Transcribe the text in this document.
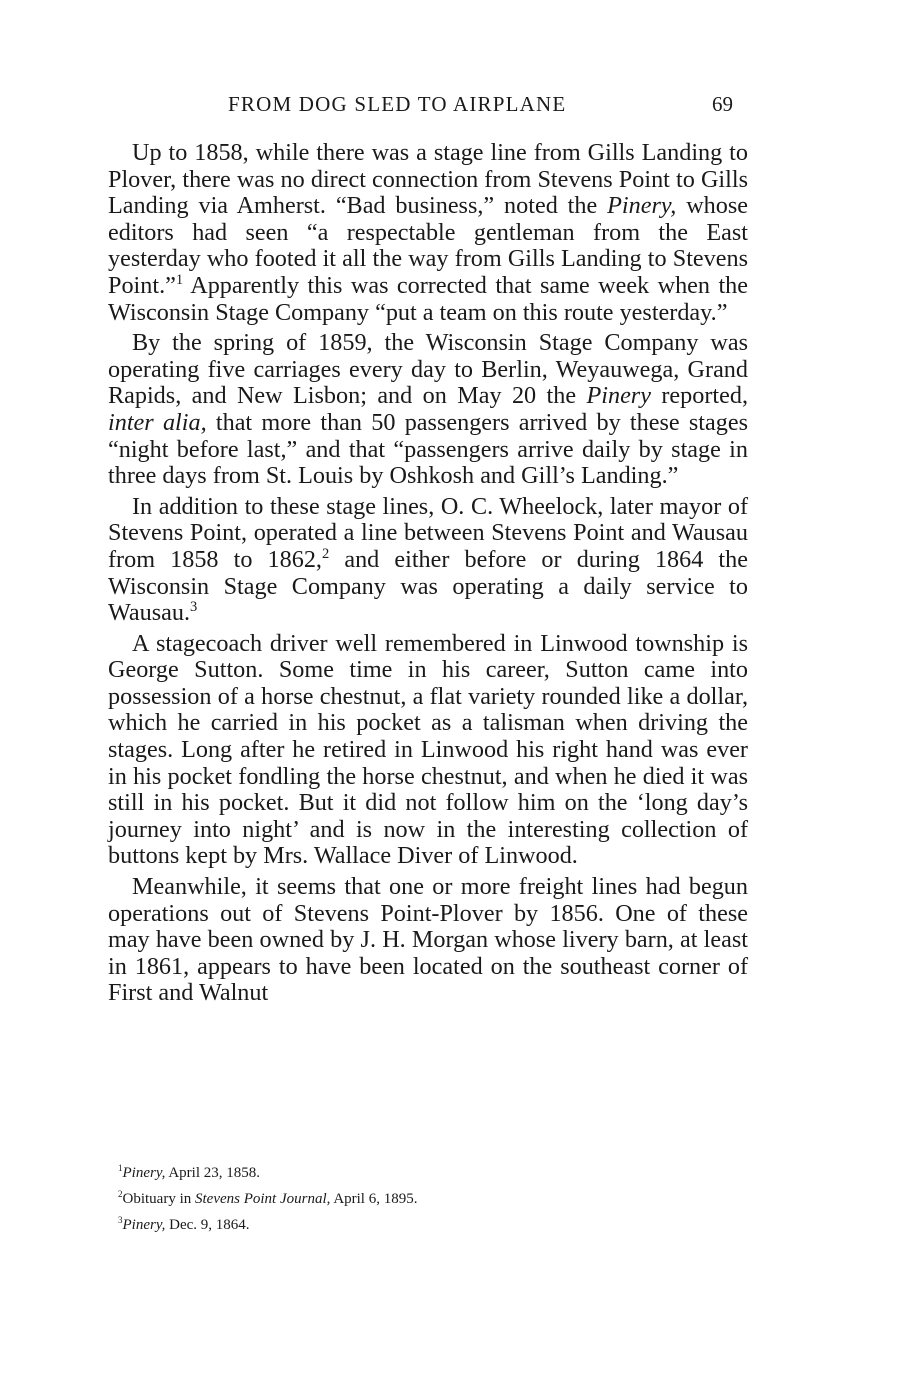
FROM DOG SLED TO AIRPLANE	69

Up to 1858, while there was a stage line from Gills Landing to Plover, there was no direct connection from Stevens Point to Gills Landing via Amherst. “Bad business,” noted the Pinery, whose editors had seen “a respectable gentleman from the East yesterday who footed it all the way from Gills Landing to Stevens Point.”$^1$ Apparently this was corrected that same week when the Wisconsin Stage Company “put a team on this route yesterday.”

By the spring of 1859, the Wisconsin Stage Company was operating five carriages every day to Berlin, Weyauwega, Grand Rapids, and New Lisbon; and on May 20 the Pinery reported, inter alia, that more than 50 passengers arrived by these stages “night before last,” and that “passengers arrive daily by stage in three days from St. Louis by Oshkosh and Gill’s Landing.”

In addition to these stage lines, O. C. Wheelock, later mayor of Stevens Point, operated a line between Stevens Point and Wausau from 1858 to 1862,$^2$ and either before or during 1864 the Wisconsin Stage Company was operating a daily service to Wausau.$^3$

A stagecoach driver well remembered in Linwood township is George Sutton. Some time in his career, Sutton came into possession of a horse chestnut, a flat variety rounded like a dollar, which he carried in his pocket as a talisman when driving the stages. Long after he retired in Linwood his right hand was ever in his pocket fondling the horse chestnut, and when he died it was still in his pocket. But it did not follow him on the ‘long day’s journey into night’ and is now in the interesting collection of buttons kept by Mrs. Wallace Diver of Linwood.

Meanwhile, it seems that one or more freight lines had begun operations out of Stevens Point-Plover by 1856. One of these may have been owned by J. H. Morgan whose livery barn, at least in 1861, appears to have been located on the southeast corner of First and Walnut

$^1$Pinery, April 23, 1858.

$^2$Obituary in Stevens Point Journal, April 6, 1895.

$^3$Pinery, Dec. 9, 1864.
